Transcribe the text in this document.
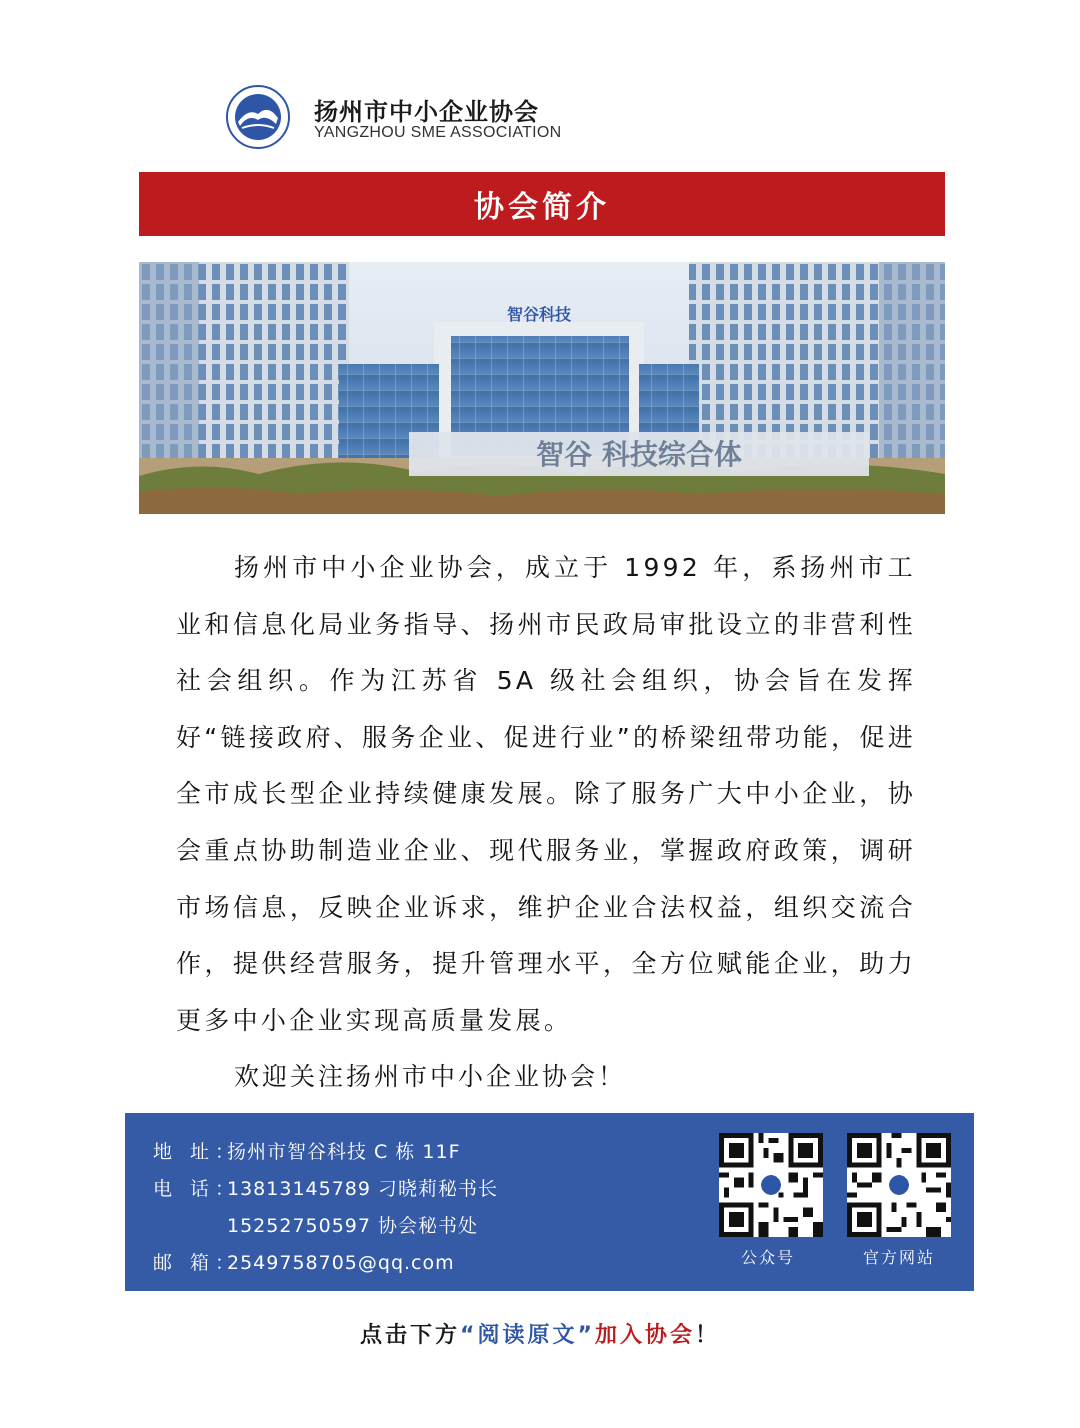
扬州市中小企业协会
YANGZHOU SME ASSOCIATION
协会简介
智谷科技
智谷 科技综合体

扬州市中小企业协会，成立于 1992 年，系扬州市工业和信息化局业务指导、扬州市民政局审批设立的非营利性社会组织。作为江苏省 5A 级社会组织，协会旨在发挥好“链接政府、服务企业、促进行业”的桥梁纽带功能，促进全市成长型企业持续健康发展。除了服务广大中小企业，协会重点协助制造业企业、现代服务业，掌握政府政策，调研市场信息，反映企业诉求，维护企业合法权益，组织交流合作，提供经营服务，提升管理水平，全方位赋能企业，助力更多中小企业实现高质量发展。

欢迎关注扬州市中小企业协会！

地 址：扬州市智谷科技 C 栋 11F
电 话：13813145789 刁晓莉秘书长
15252750597 协会秘书处
邮 箱：2549758705@qq.com	公众号	官方网站
点击下方“阅读原文”加入协会！
